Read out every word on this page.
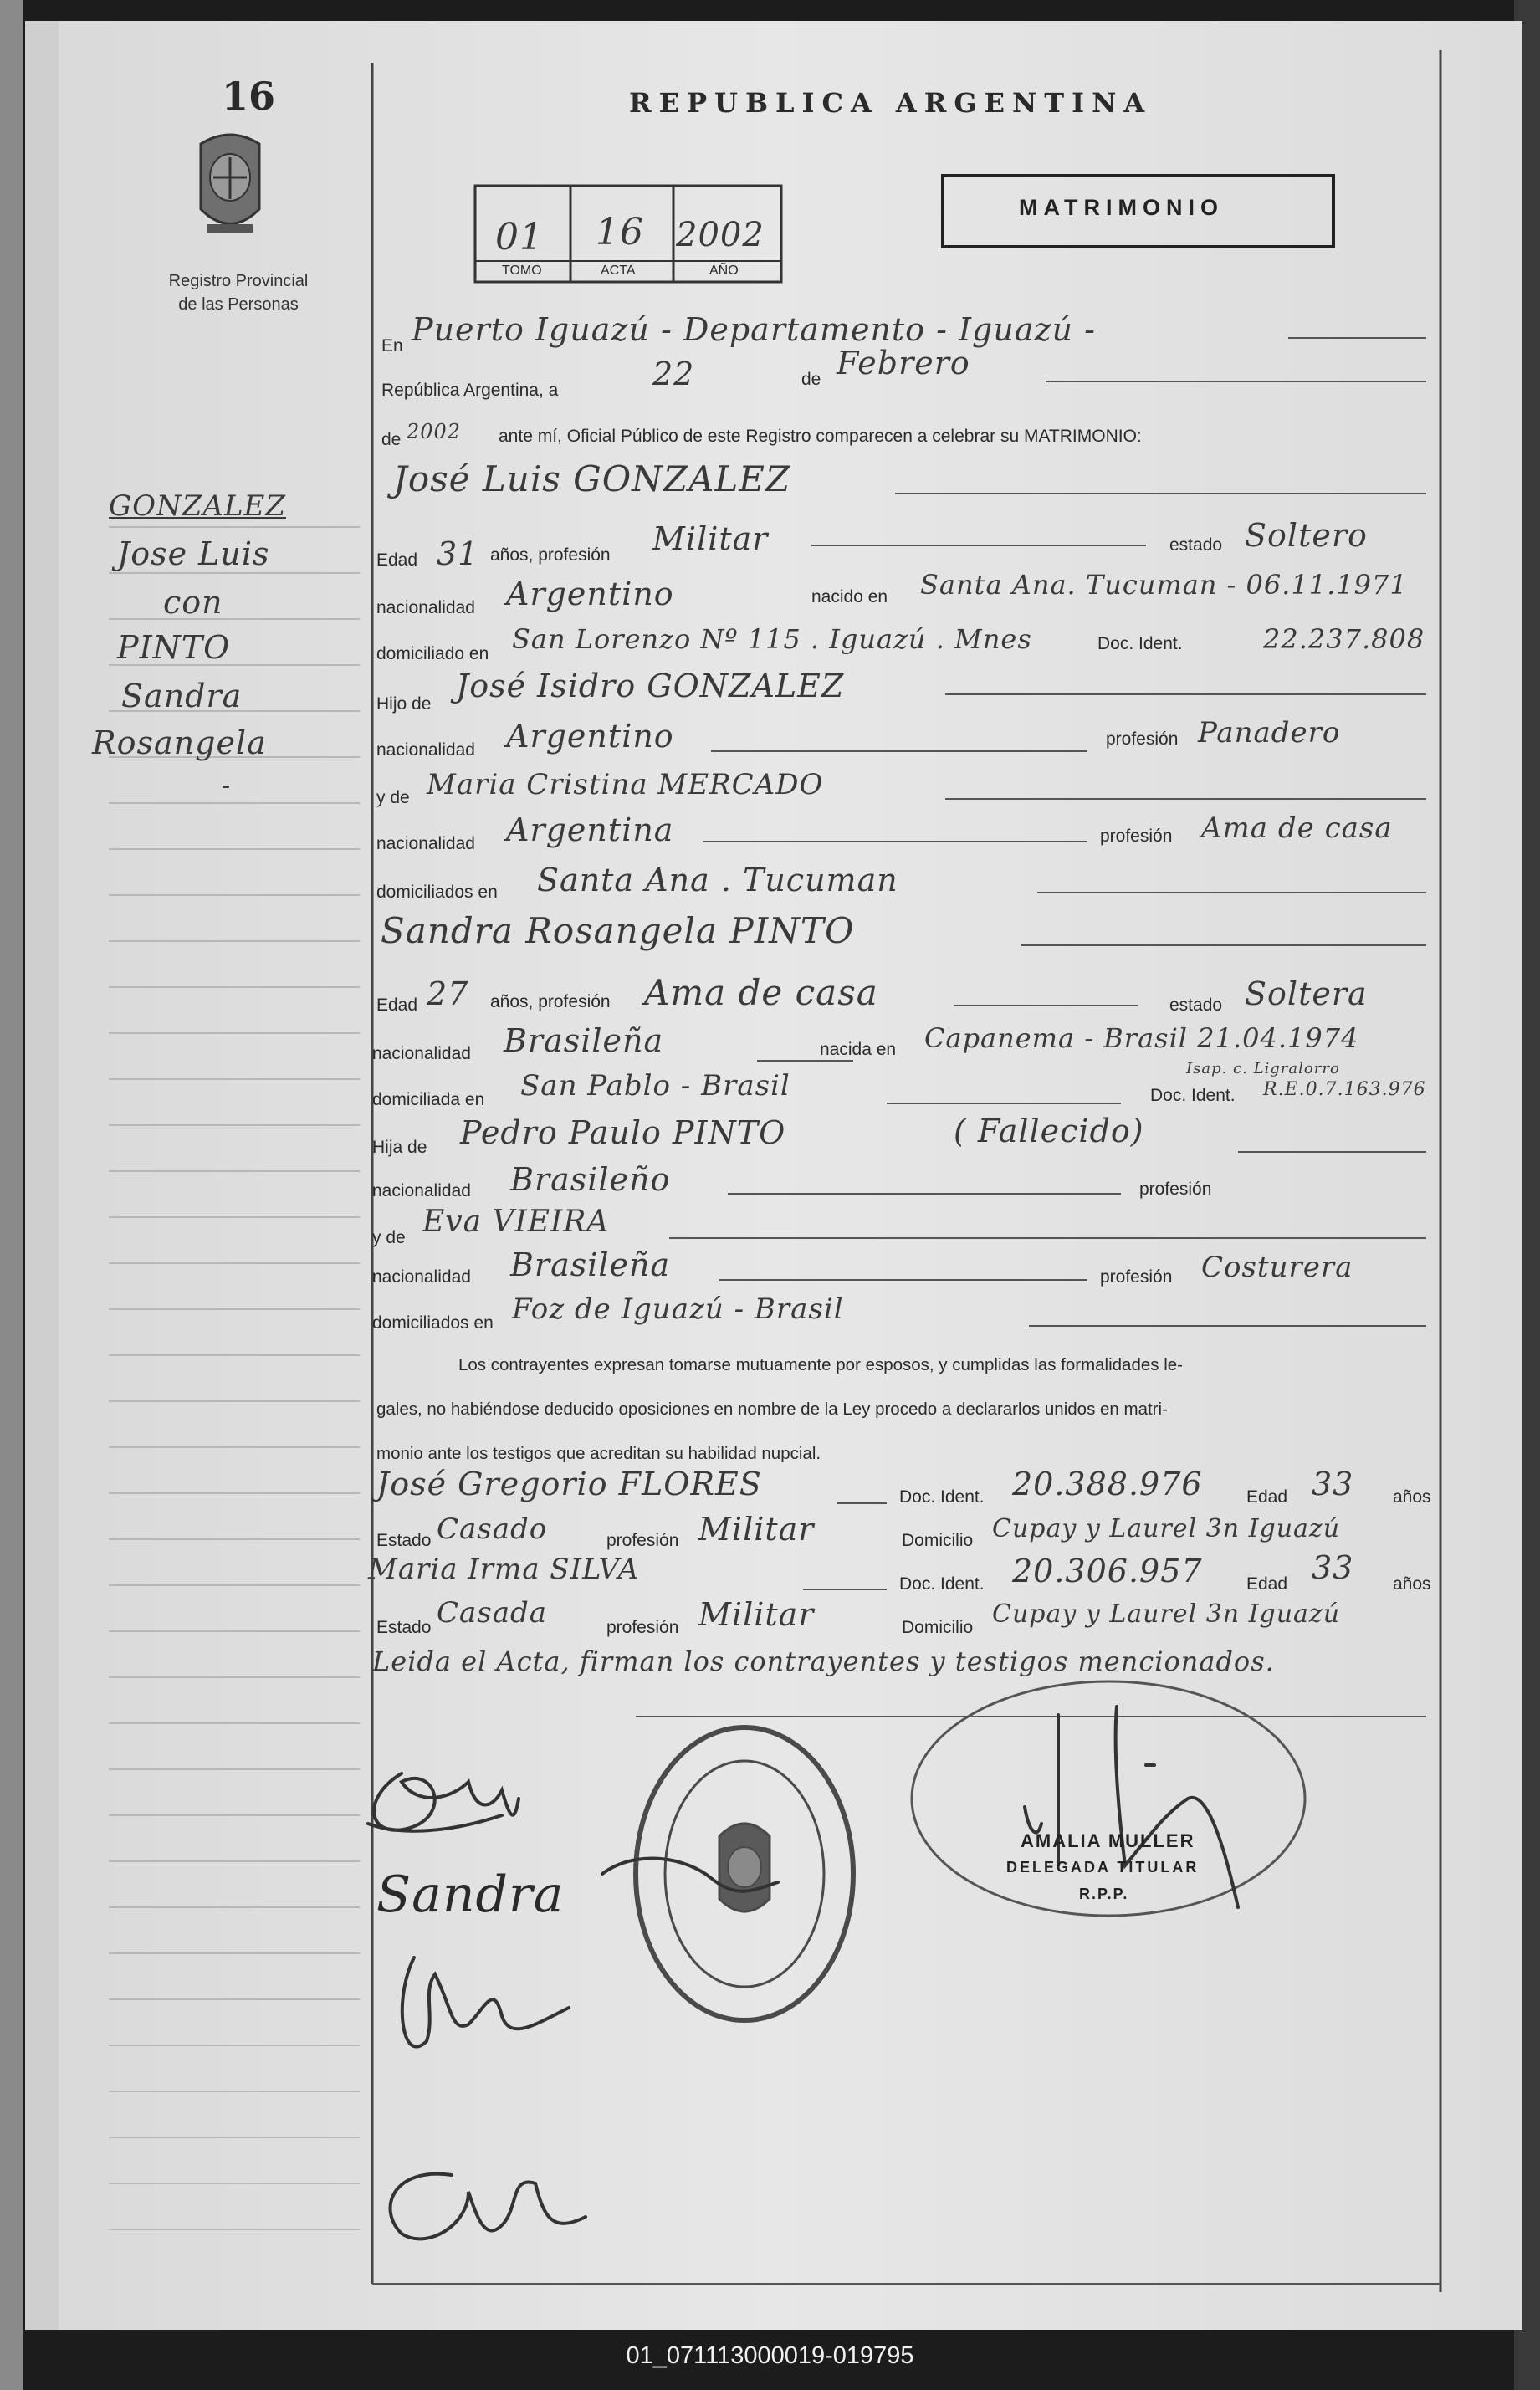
16
Registro Provincial
de las Personas
REPUBLICA ARGENTINA
MATRIMONIO
01
TOMO
16
ACTA
2002
AÑO
GONZALEZ
Jose Luis
con
PINTO
Sandra
Rosangela
-
En Puerto Iguazú - Departamento - Iguazú -
República Argentina, a	22	de Febrero
de 2002 ante mí, Oficial Público de este Registro comparecen a celebrar su MATRIMONIO:
José Luis GONZALEZ
Edad 31 años, profesión Militar	estado Soltero
nacionalidad Argentino	nacido en Santa Ana. Tucuman - 06.11.1971
domiciliado en San Lorenzo Nº 115 . Iguazú . Mnes	Doc. Ident.	22.237.808
Hijo de José Isidro GONZALEZ
nacionalidad Argentino	profesión Panadero
y de Maria Cristina MERCADO
nacionalidad Argentina	profesión Ama de casa
domiciliados en Santa Ana . Tucuman
Sandra Rosangela PINTO
Edad 27 años, profesión Ama de casa	estado Soltera
nacionalidad Brasileña	nacida en Capanema - Brasil 21.04.1974
Isap. c. Ligralorro
domiciliada en San Pablo - Brasil	Doc. Ident. R.E.0.7.163.976
Hija de Pedro Paulo PINTO	( Fallecido)
nacionalidad Brasileño	profesión
y de Eva VIEIRA
nacionalidad Brasileña	profesión Costurera
domiciliados en Foz de Iguazú - Brasil
Los contrayentes expresan tomarse mutuamente por esposos, y cumplidas las formalidades le-
gales, no habiéndose deducido oposiciones en nombre de la Ley procedo a declararlos unidos en matri-
monio ante los testigos que acreditan su habilidad nupcial.
José Gregorio FLORES	Doc. Ident. 20.388.976 Edad 33 años
Estado Casado	profesión Militar	Domicilio Cupay y Laurel 3n Iguazú
Maria Irma SILVA	Doc. Ident. 20.306.957 Edad 33 años
Estado Casada	profesión Militar	Domicilio Cupay y Laurel 3n Iguazú
Leida el Acta, firman los contrayentes y testigos mencionados.
AMALIA MULLER
DELEGADA TITULAR
R.P.P.
Sandra
01_071113000019-019795
